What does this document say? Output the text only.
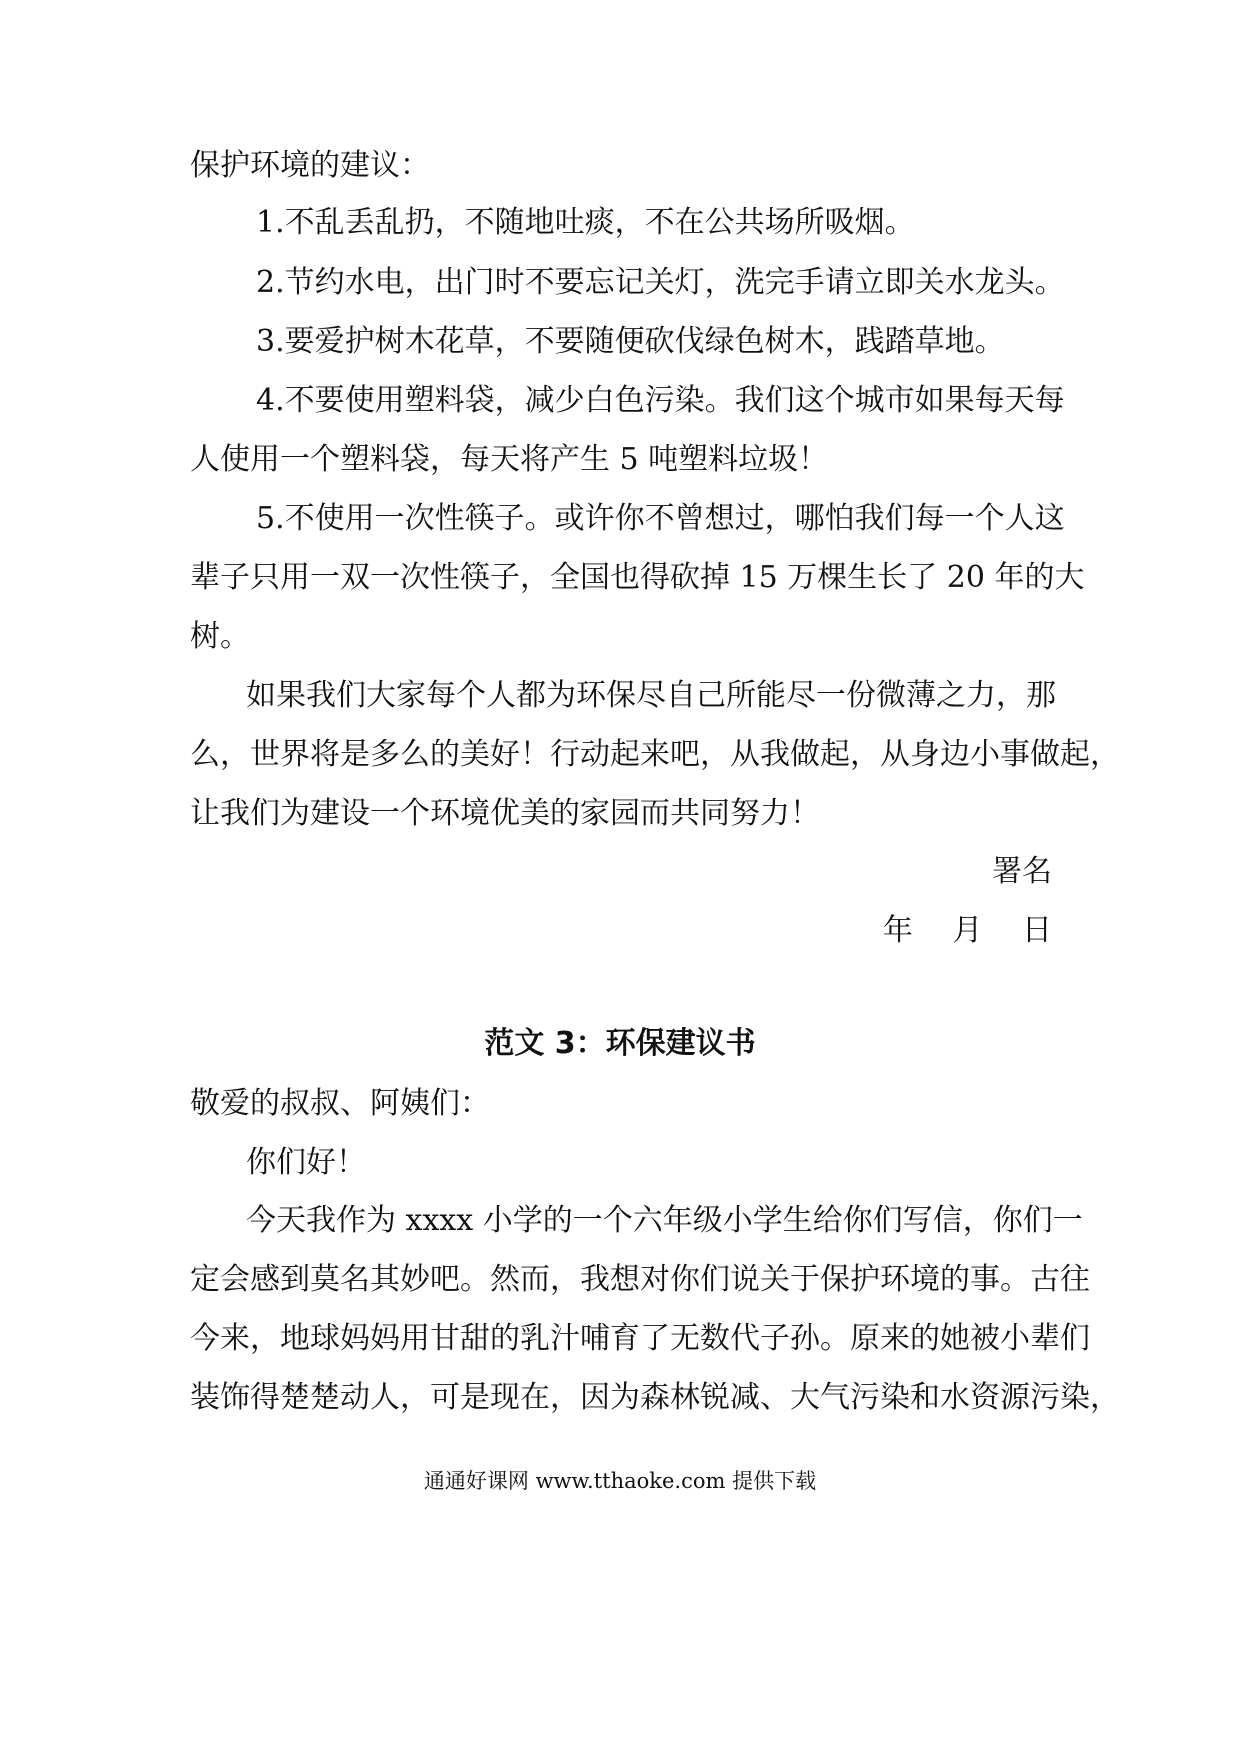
保护环境的建议：
1.不乱丢乱扔，不随地吐痰，不在公共场所吸烟。
2.节约水电，出门时不要忘记关灯，洗完手请立即关水龙头。
3.要爱护树木花草，不要随便砍伐绿色树木，践踏草地。
4.不要使用塑料袋，减少白色污染。我们这个城市如果每天每
人使用一个塑料袋，每天将产生 5 吨塑料垃圾！
5.不使用一次性筷子。或许你不曾想过，哪怕我们每一个人这
辈子只用一双一次性筷子，全国也得砍掉 15 万棵生长了 20 年的大
树。
如果我们大家每个人都为环保尽自己所能尽一份微薄之力，那
么，世界将是多么的美好！行动起来吧，从我做起，从身边小事做起，
让我们为建设一个环境优美的家园而共同努力！
署名
年　 月　 日
范文 3：环保建议书
敬爱的叔叔、阿姨们：
你们好！
今天我作为 xxxx 小学的一个六年级小学生给你们写信，你们一
定会感到莫名其妙吧。然而，我想对你们说关于保护环境的事。古往
今来，地球妈妈用甘甜的乳汁哺育了无数代子孙。原来的她被小辈们
装饰得楚楚动人，可是现在，因为森林锐减、大气污染和水资源污染，
通通好课网 www.tthaoke.com 提供下载
